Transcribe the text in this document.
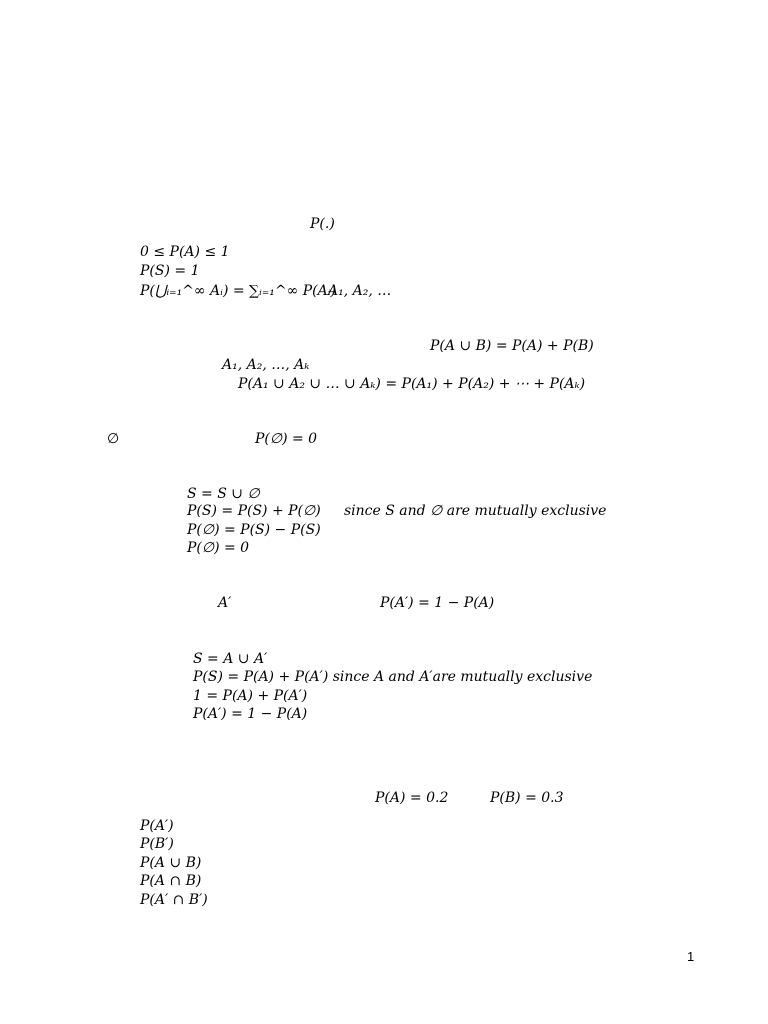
P(.)
0 ≤ P(A) ≤ 1
P(S) = 1
P(⋃ᵢ₌₁^∞ Aᵢ) = ∑ᵢ₌₁^∞ P(Aᵢ)
A₁, A₂, …
P(A ∪ B) = P(A) + P(B)
A₁, A₂, …, Aₖ
P(A₁ ∪ A₂ ∪ … ∪ Aₖ) = P(A₁) + P(A₂) + ⋯ + P(Aₖ)
∅	P(∅) = 0
S = S ∪ ∅
P(S) = P(S) + P(∅) since S and ∅ are mutually exclusive
P(∅) = P(S) − P(S)
P(∅) = 0
A′	P(A′) = 1 − P(A)
S = A ∪ A′
P(S) = P(A) + P(A′) since A and A′are mutually exclusive
1 = P(A) + P(A′)
P(A′) = 1 − P(A)
P(A) = 0.2	P(B) = 0.3
P(A′)
P(B′)
P(A ∪ B)
P(A ∩ B)
P(A′ ∩ B′)
1
